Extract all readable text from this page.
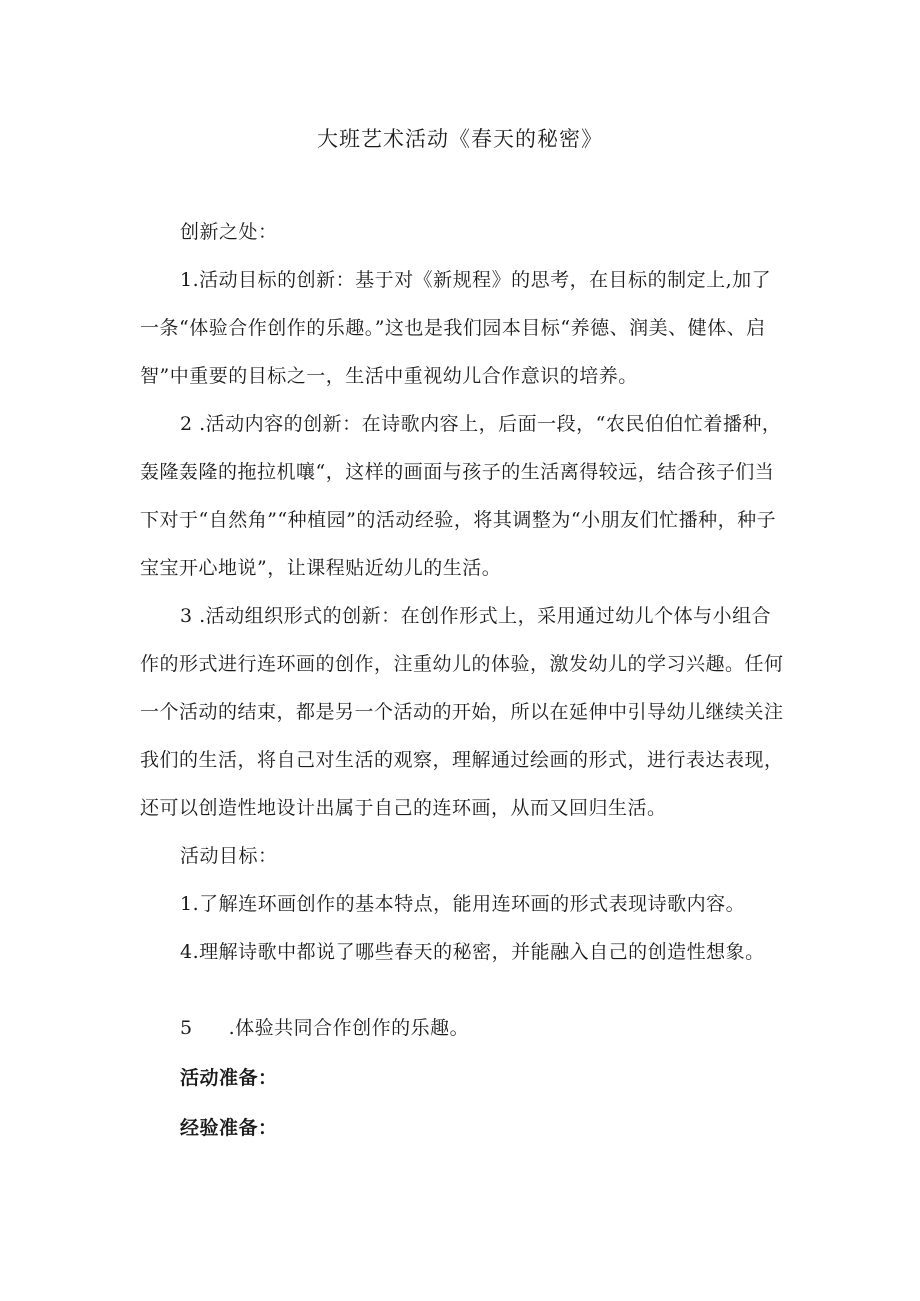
大班艺术活动《春天的秘密》

创新之处：

1.活动目标的创新：基于对《新规程》的思考，在目标的制定上,加了一条“体验合作创作的乐趣。”这也是我们园本目标“养德、润美、健体、启智”中重要的目标之一，生活中重视幼儿合作意识的培养。

2 .活动内容的创新：在诗歌内容上，后面一段，“农民伯伯忙着播种，轰隆轰隆的拖拉机嚷“，这样的画面与孩子的生活离得较远，结合孩子们当下对于“自然角”“种植园”的活动经验，将其调整为“小朋友们忙播种，种子宝宝开心地说”，让课程贴近幼儿的生活。

3 .活动组织形式的创新：在创作形式上，采用通过幼儿个体与小组合作的形式进行连环画的创作，注重幼儿的体验，激发幼儿的学习兴趣。任何一个活动的结束，都是另一个活动的开始，所以在延伸中引导幼儿继续关注我们的生活，将自己对生活的观察，理解通过绘画的形式，进行表达表现，还可以创造性地设计出属于自己的连环画，从而又回归生活。

活动目标：

1.了解连环画创作的基本特点，能用连环画的形式表现诗歌内容。

4.理解诗歌中都说了哪些春天的秘密，并能融入自己的创造性想象。

5 .体验共同合作创作的乐趣。

活动准备：

经验准备：
